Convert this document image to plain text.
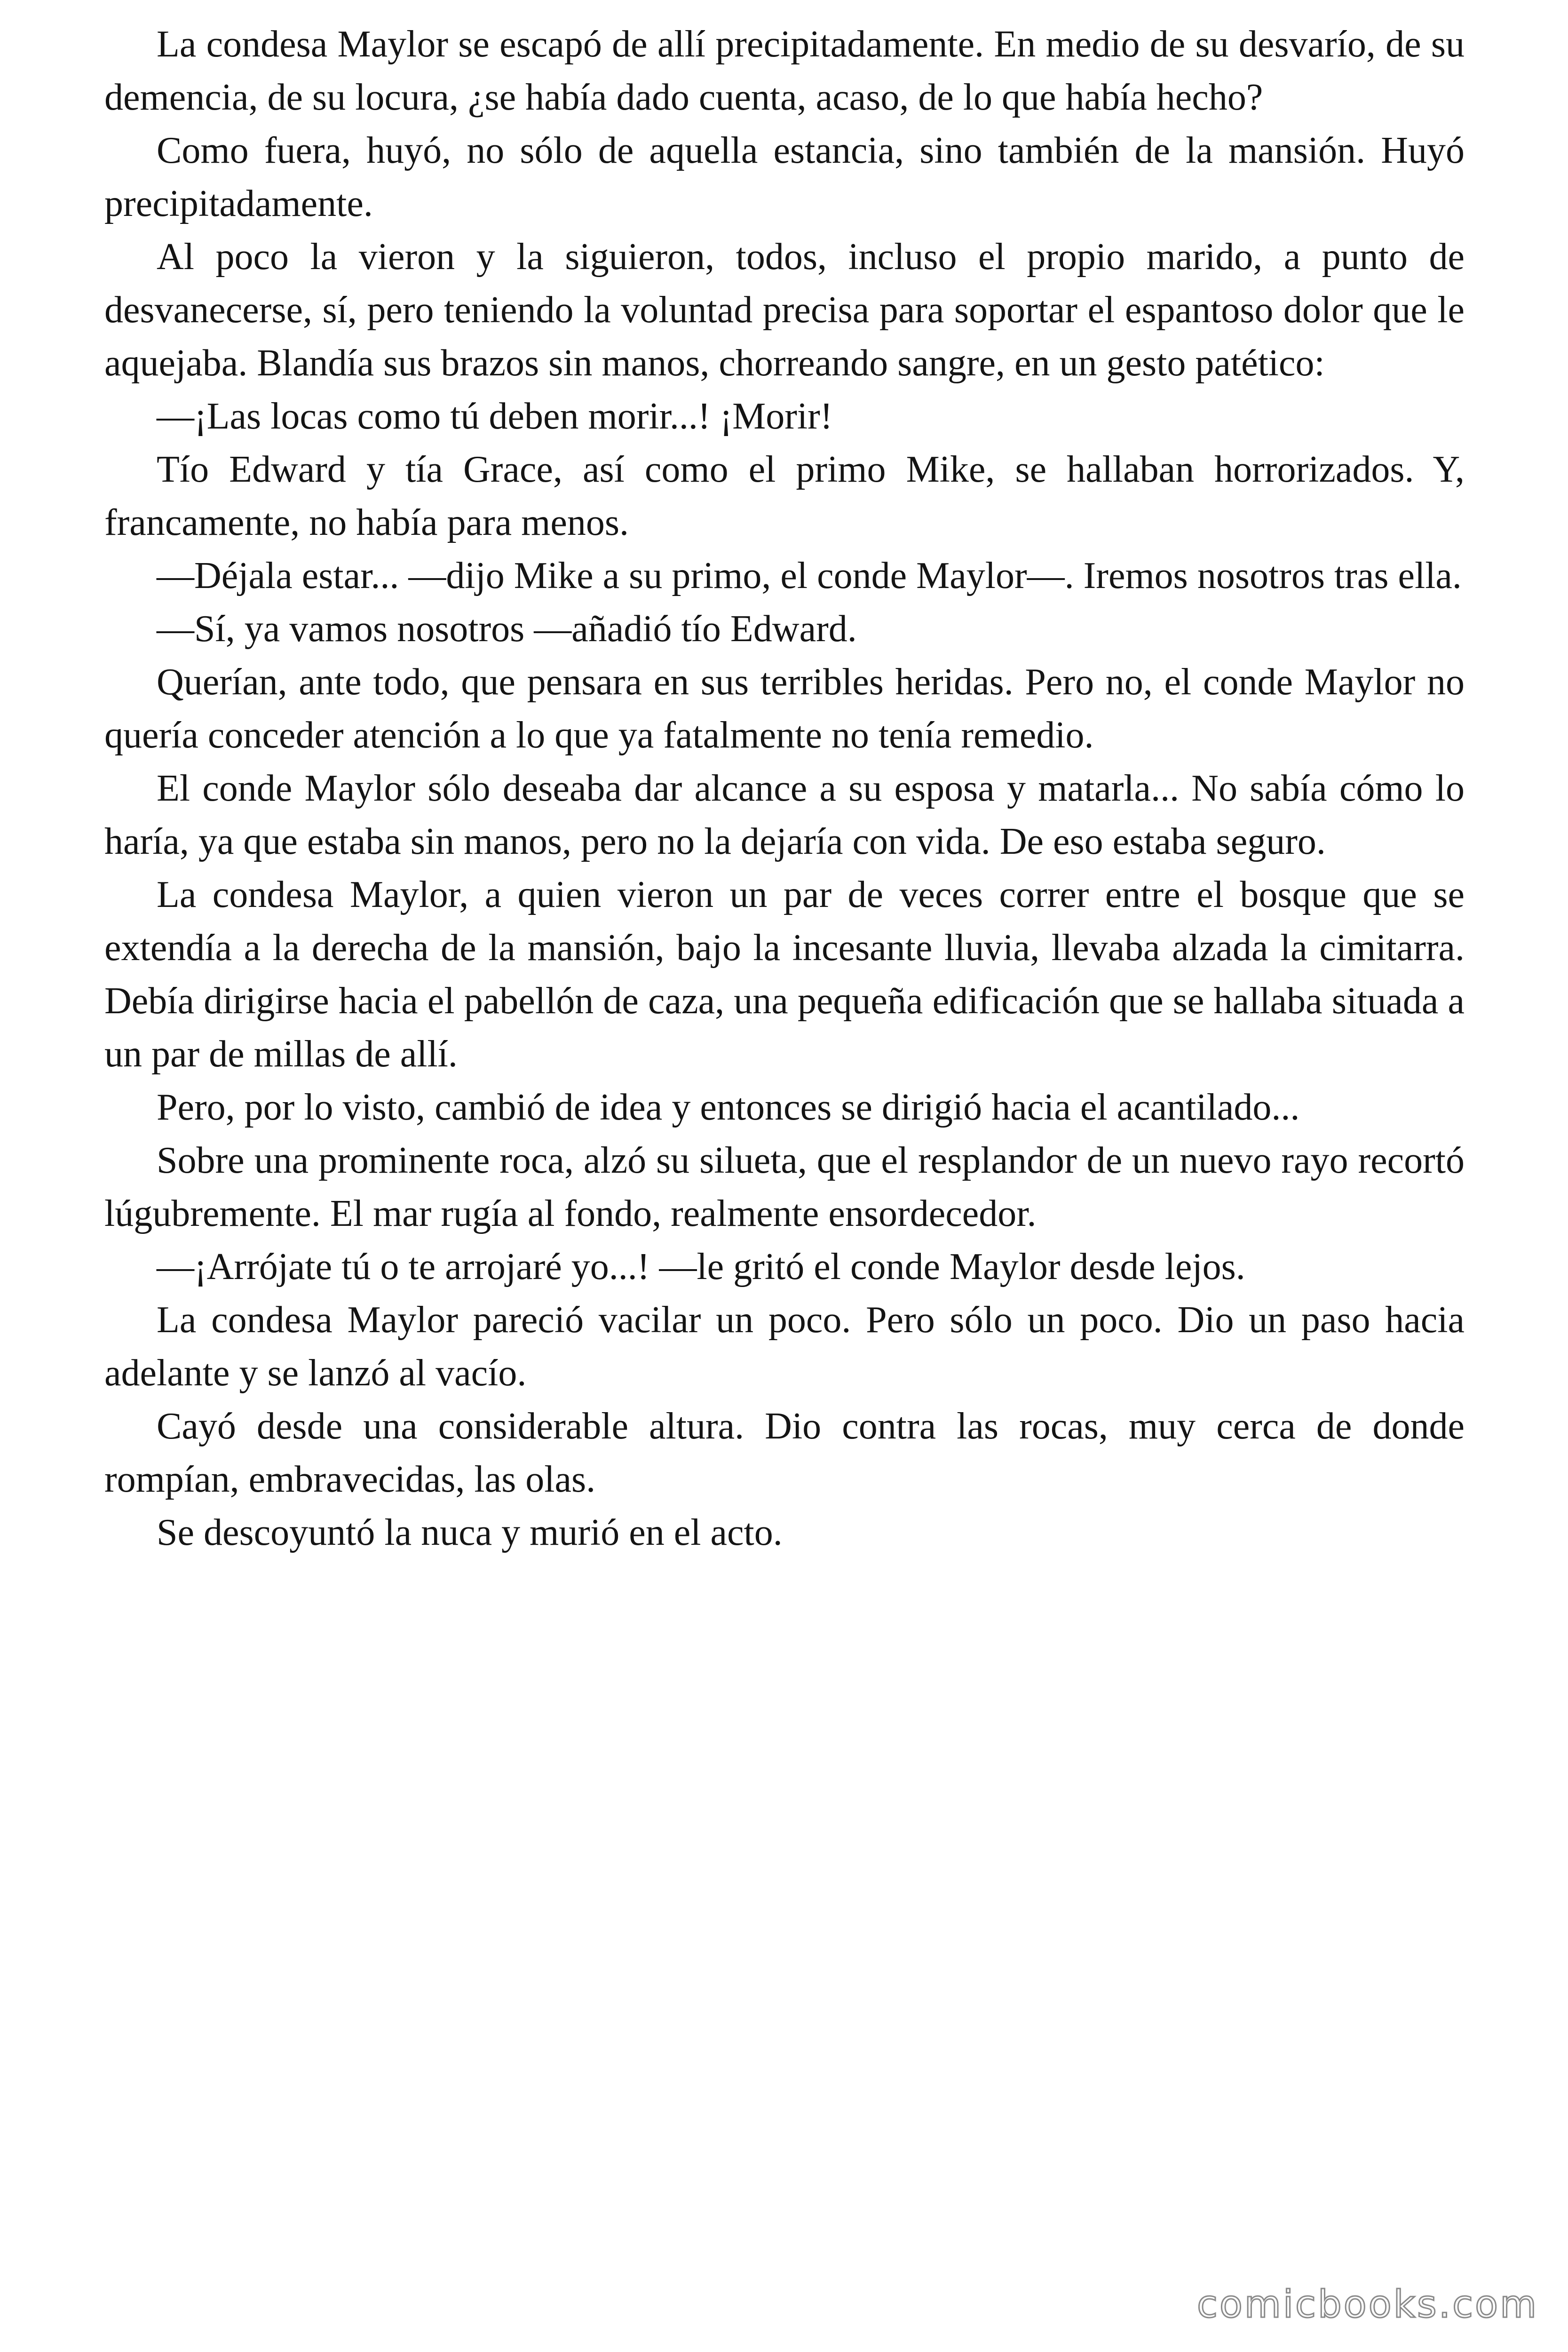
La condesa Maylor se escapó de allí precipitadamente. En medio de su desvarío, de su demencia, de su locura, ¿se había dado cuenta, acaso, de lo que había hecho?

Como fuera, huyó, no sólo de aquella estancia, sino también de la mansión. Huyó precipitadamente.

Al poco la vieron y la siguieron, todos, incluso el propio marido, a punto de desvanecerse, sí, pero teniendo la voluntad precisa para soportar el espantoso dolor que le aquejaba. Blandía sus brazos sin manos, chorreando sangre, en un gesto patético:

—¡Las locas como tú deben morir...! ¡Morir!

Tío Edward y tía Grace, así como el primo Mike, se hallaban horrorizados. Y, francamente, no había para menos.

—Déjala estar... —dijo Mike a su primo, el conde Maylor—. Iremos nosotros tras ella.

—Sí, ya vamos nosotros —añadió tío Edward.

Querían, ante todo, que pensara en sus terribles heridas. Pero no, el conde Maylor no quería conceder atención a lo que ya fatalmente no tenía remedio.

El conde Maylor sólo deseaba dar alcance a su esposa y matarla... No sabía cómo lo haría, ya que estaba sin manos, pero no la dejaría con vida. De eso estaba seguro.

La condesa Maylor, a quien vieron un par de veces correr entre el bosque que se extendía a la derecha de la mansión, bajo la incesante lluvia, llevaba alzada la cimitarra. Debía dirigirse hacia el pabellón de caza, una pequeña edificación que se hallaba situada a un par de millas de allí.

Pero, por lo visto, cambió de idea y entonces se dirigió hacia el acantilado...

Sobre una prominente roca, alzó su silueta, que el resplandor de un nuevo rayo recortó lúgubremente. El mar rugía al fondo, realmente ensordecedor.

—¡Arrójate tú o te arrojaré yo...! —le gritó el conde Maylor desde lejos.

La condesa Maylor pareció vacilar un poco. Pero sólo un poco. Dio un paso hacia adelante y se lanzó al vacío.

Cayó desde una considerable altura. Dio contra las rocas, muy cerca de donde rompían, embravecidas, las olas.

Se descoyuntó la nuca y murió en el acto.

comicbooks.com
